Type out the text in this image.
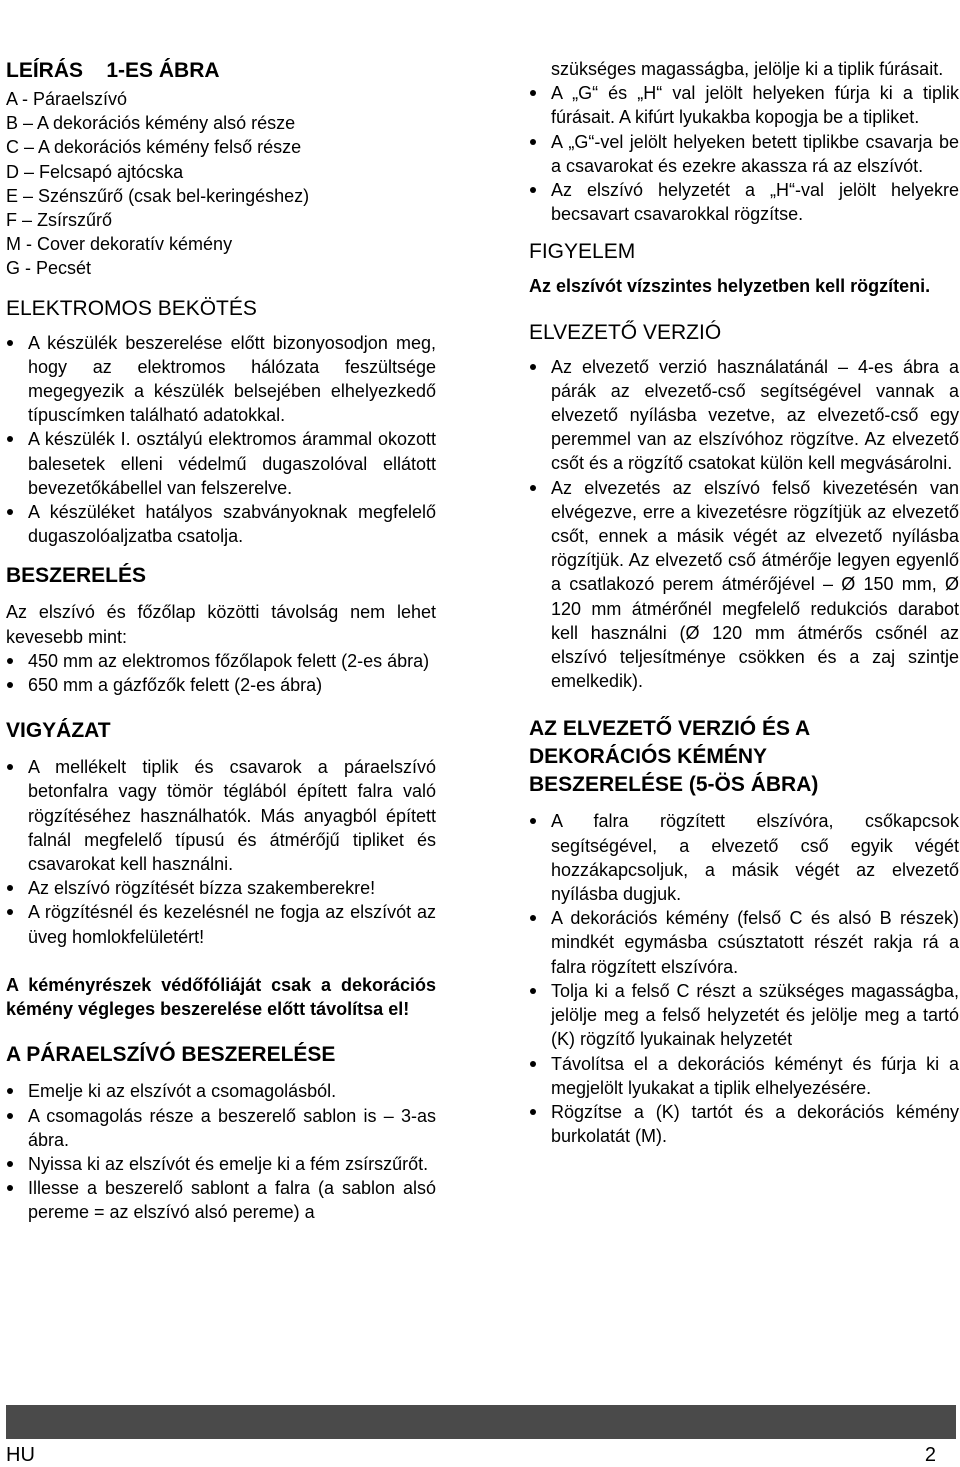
LEÍRÁS    1-ES ÁBRA

A - Páraelszívó

B – A dekorációs kémény alsó része

C – A dekorációs kémény felső része

D – Felcsapó ajtócska

E – Szénszűrő (csak bel-keringéshez)

F – Zsírszűrő

M - Cover dekoratív kémény

G - Pecsét

ELEKTROMOS BEKÖTÉS
A készülék beszerelése előtt bizonyosodjon meg, hogy az elektromos hálózata feszültsége megegyezik a készülék belsejében elhelyezkedő típuscímken található adatokkal.
A készülék I. osztályú elektromos árammal okozott balesetek elleni védelmű dugaszolóval ellátott bevezetőkábellel van felszerelve.
A készüléket hatályos szabványoknak megfelelő dugaszolóaljzatba csatolja.
BESZERELÉS

Az elszívó és főzőlap közötti távolság nem lehet kevesebb mint:

450 mm az elektromos főzőlapok felett (2-es ábra)
650 mm a gázfőzők felett (2-es ábra)
VIGYÁZAT
A mellékelt tiplik és csavarok a páraelszívó betonfalra vagy tömör téglából épített falra való rögzítéséhez használhatók. Más anyagból épített falnál megfelelő típusú és átmérőjű tipliket és csavarokat kell használni.
Az elszívó rögzítését bízza szakemberekre!
A rögzítésnél és kezelésnél ne fogja az elszívót az üveg homlokfelületért!

A kéményrészek védőfóliáját csak a dekorációs kémény végleges beszerelése előtt távolítsa el!

A PÁRAELSZÍVÓ BESZERELÉSE
Emelje ki az elszívót a csomagolásból.
A csomagolás része a beszerelő sablon is – 3-as ábra.
Nyissa ki az elszívót és emelje ki a fém zsírszűrőt.
Illesse a beszerelő sablont a falra (a sablon alsó pereme = az elszívó alsó pereme) a

szükséges magasságba, jelölje ki a tiplik fúrásait.

A „G“ és „H“ val jelölt helyeken fúrja ki a tiplik fúrásait. A kifúrt lyukakba kopogja be a tipliket.
A „G“-vel jelölt helyeken betett tiplikbe csavarja be a csavarokat és ezekre akassza rá az elszívót.
Az elszívó helyzetét a „H“-val jelölt helyekre becsavart csavarokkal rögzítse.
FIGYELEM

Az elszívót vízszintes helyzetben kell rögzíteni.

ELVEZETŐ VERZIÓ
Az elvezető verzió használatánál – 4-es ábra a párák az elvezető-cső segítségével vannak a elvezető nyílásba vezetve, az elvezető-cső egy peremmel van az elszívóhoz rögzítve. Az elvezető csőt és a rögzítő csatokat külön kell megvásárolni.
Az elvezetés az elszívó felső kivezetésén van elvégezve, erre a kivezetésre rögzítjük az elvezető csőt, ennek a másik végét az elvezető nyílásba rögzítjük. Az elvezető cső átmérője legyen egyenlő a csatlakozó perem átmérőjével – Ø 150 mm, Ø 120 mm átmérőnél megfelelő redukciós darabot kell használni (Ø 120 mm átmérős csőnél az elszívó teljesítménye csökken és a zaj szintje emelkedik).
AZ ELVEZETŐ VERZIÓ ÉS A DEKORÁCIÓS KÉMÉNY BESZERELÉSE (5-ÖS ÁBRA)
A falra rögzített elszívóra, csőkapcsok segítségével, a elvezető cső egyik végét hozzákapcsoljuk, a másik végét az elvezető nyílásba dugjuk.
A dekorációs kémény (felső C és alsó B részek) mindkét egymásba csúsztatott részét rakja rá a falra rögzített elszívóra.
Tolja ki a felső C részt a szükséges magasságba, jelölje meg a felső helyzetét és jelölje meg a tartó (K) rögzítő lyukainak helyzetét
Távolítsa el a dekorációs kéményt és fúrja ki a megjelölt lyukakat a tiplik elhelyezésére.
Rögzítse a (K) tartót és a dekorációs kémény burkolatát (M).
HU	2
